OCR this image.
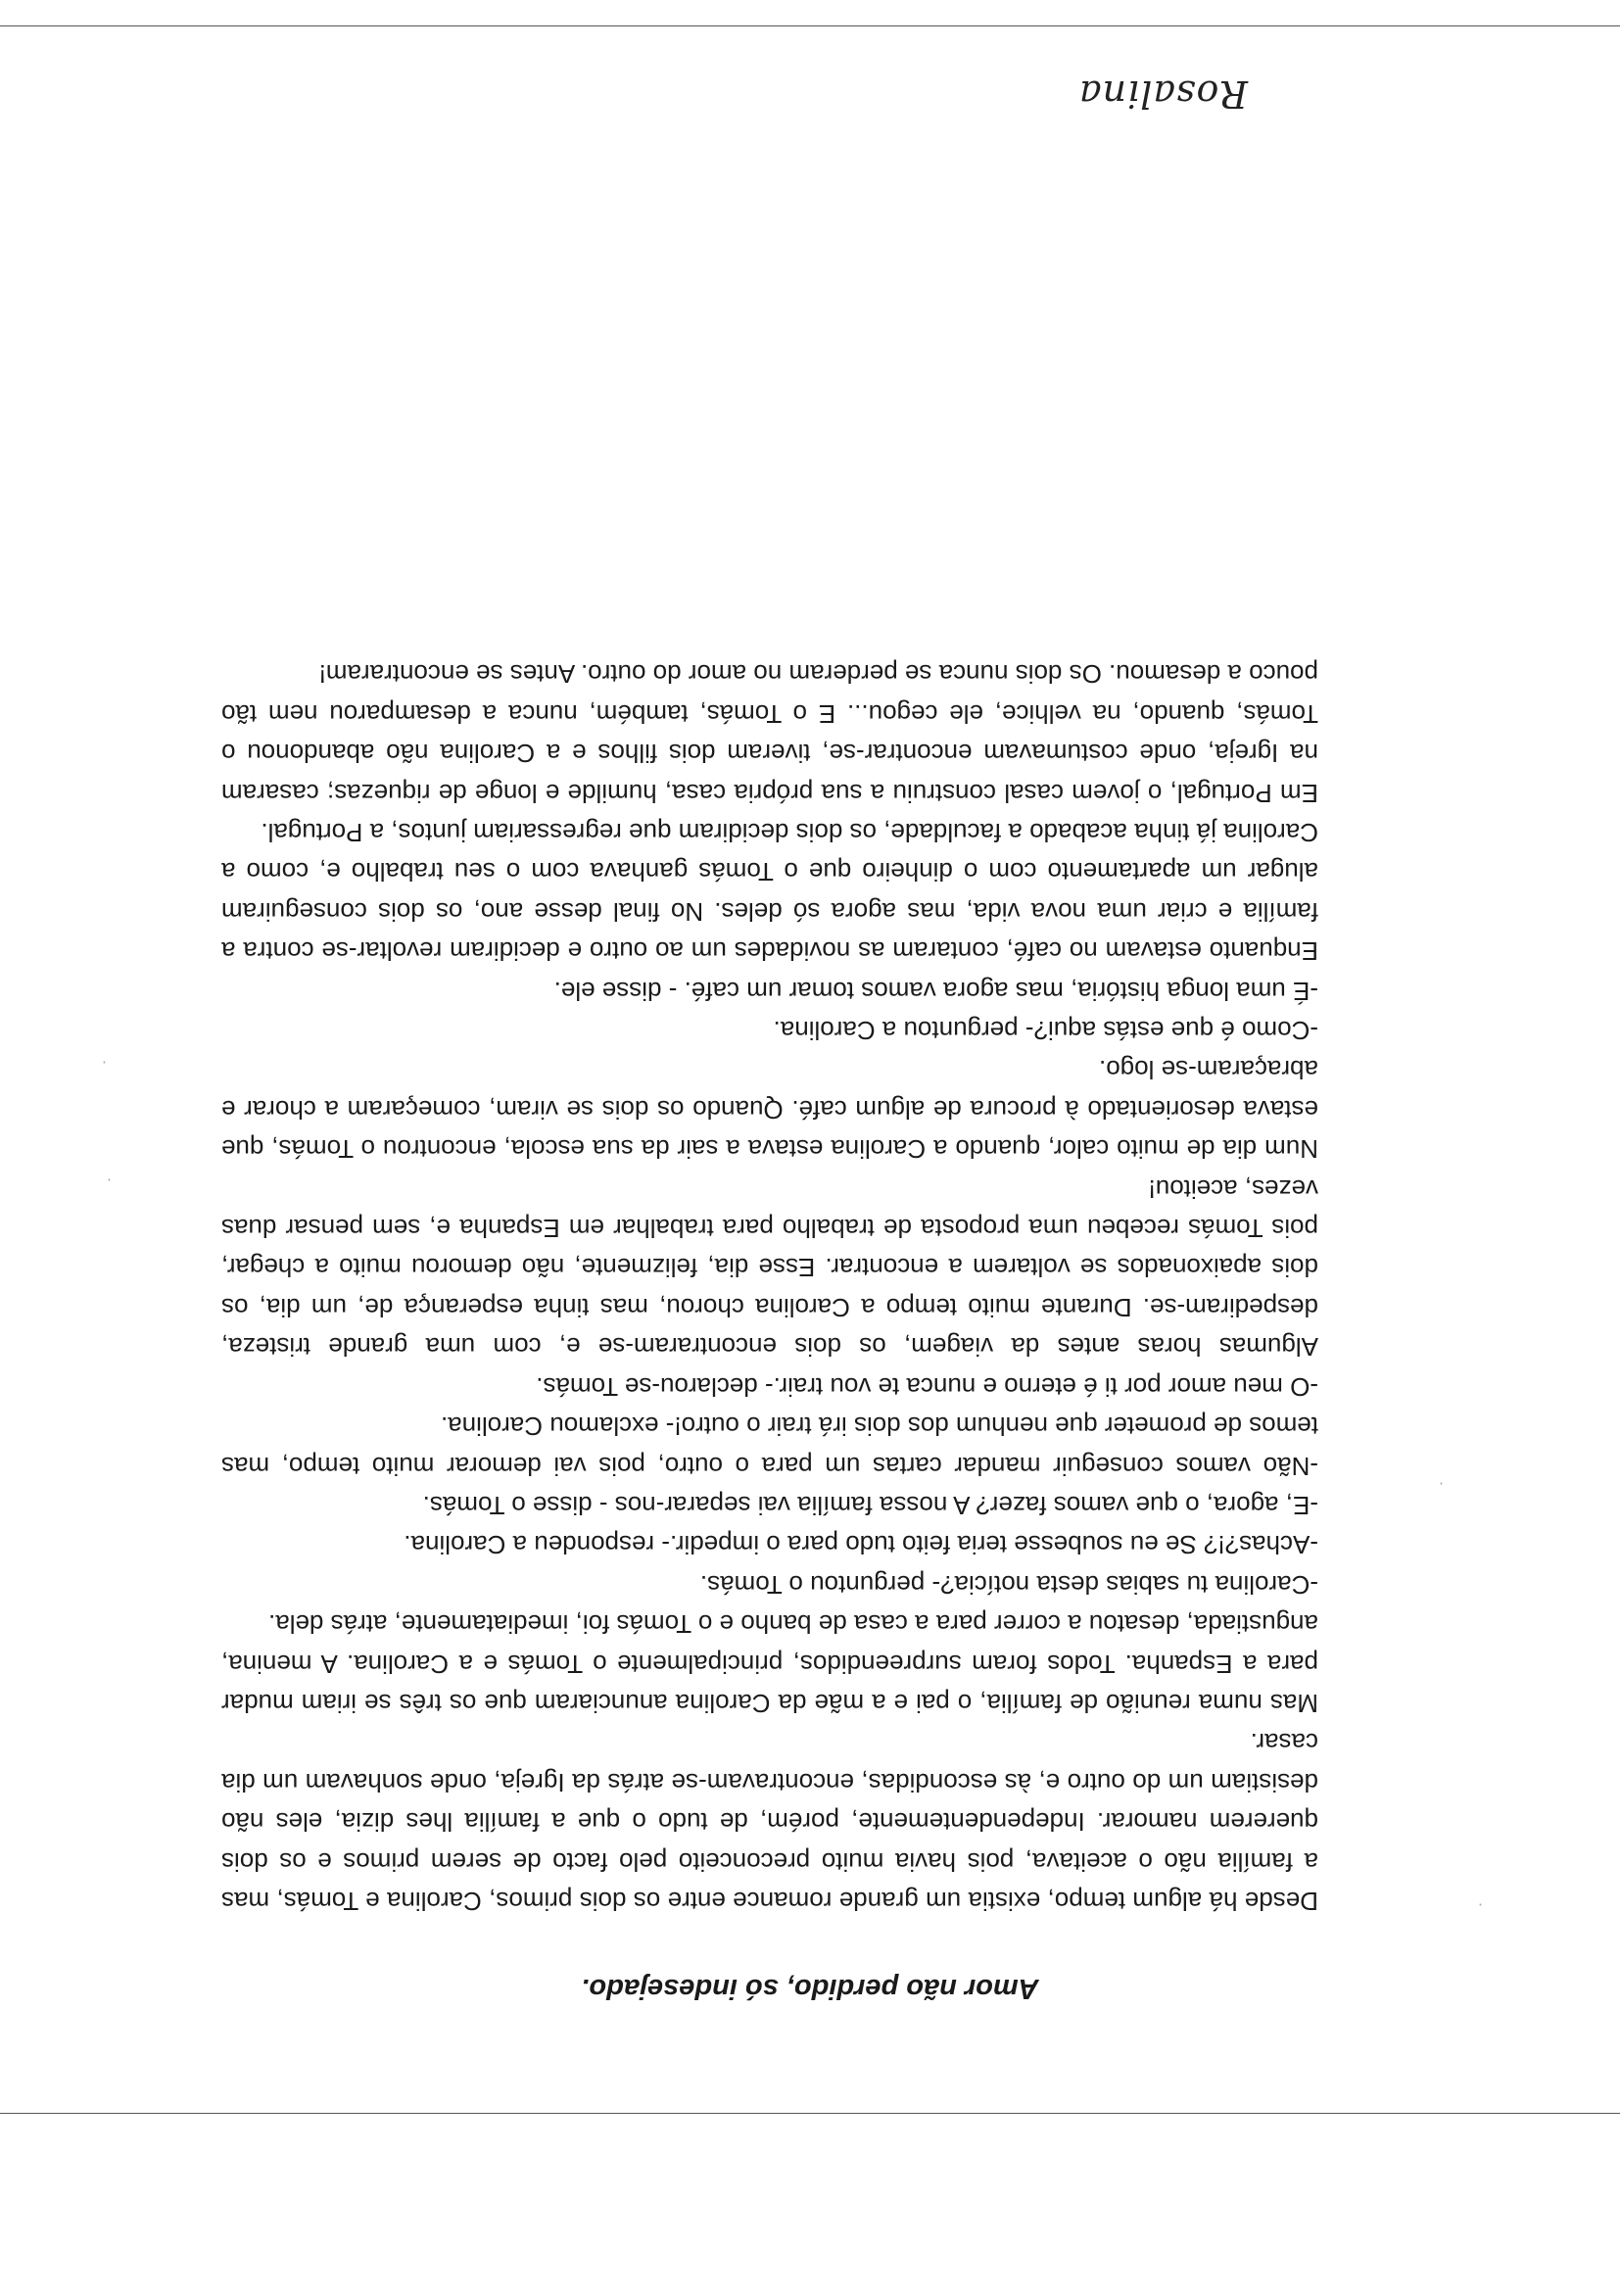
·
·
·
·
Amor não perdido, só indesejado.

Desde há algum tempo, existia um grande romance entre os dois primos, Carolina e Tomás, mas a família não o aceitava, pois havia muito preconceito pelo facto de serem primos e os dois quererem namorar. Independentemente, porém, de tudo o que a família lhes dizia, eles não desistiam um do outro e, às escondidas, encontravam-se atrás da Igreja, onde sonhavam um dia casar.

Mas numa reunião de família, o pai e a mãe da Carolina anunciaram que os três se iriam mudar para a Espanha. Todos foram surpreendidos, principalmente o Tomás e a Carolina. A menina, angustiada, desatou a correr para a casa de banho e o Tomás foi, imediatamente, atrás dela.

-Carolina tu sabias desta notícia?- perguntou o Tomás.

-Achas?!? Se eu soubesse teria feito tudo para o impedir.- respondeu a Carolina.

-E, agora, o que vamos fazer? A nossa família vai separar-nos - disse o Tomás.

-Não vamos conseguir mandar cartas um para o outro, pois vai demorar muito tempo, mas temos de prometer que nenhum dos dois irá trair o outro!- exclamou Carolina.

-O meu amor por ti é eterno e nunca te vou trair.- declarou-se Tomás.

Algumas horas antes da viagem, os dois encontraram-se e, com uma grande tristeza, despediram-se. Durante muito tempo a Carolina chorou, mas tinha esperança de, um dia, os dois apaixonados se voltarem a encontrar. Esse dia, felizmente, não demorou muito a chegar, pois Tomás recebeu uma proposta de trabalho para trabalhar em Espanha e, sem pensar duas vezes, aceitou!

Num dia de muito calor, quando a Carolina estava a sair da sua escola, encontrou o Tomás, que estava desorientado à procura de algum café. Quando os dois se viram, começaram a chorar e abraçaram-se logo.

-Como é que estás aqui?- perguntou a Carolina.

-É uma longa história, mas agora vamos tomar um café. - disse ele.

Enquanto estavam no café, contaram as novidades um ao outro e decidiram revoltar-se contra a família e criar uma nova vida, mas agora só deles. No final desse ano, os dois conseguiram alugar um apartamento com o dinheiro que o Tomás ganhava com o seu trabalho e, como a Carolina já tinha acabado a faculdade, os dois decidiram que regressariam juntos, a Portugal.

Em Portugal, o jovem casal construiu a sua própria casa, humilde e longe de riquezas; casaram na Igreja, onde costumavam encontrar-se, tiveram dois filhos e a Carolina não abandonou o Tomás, quando, na velhice, ele cegou... E o Tomás, também, nunca a desamparou nem tão pouco a desamou. Os dois nunca se perderam no amor do outro. Antes se encontraram!

Rosalina
